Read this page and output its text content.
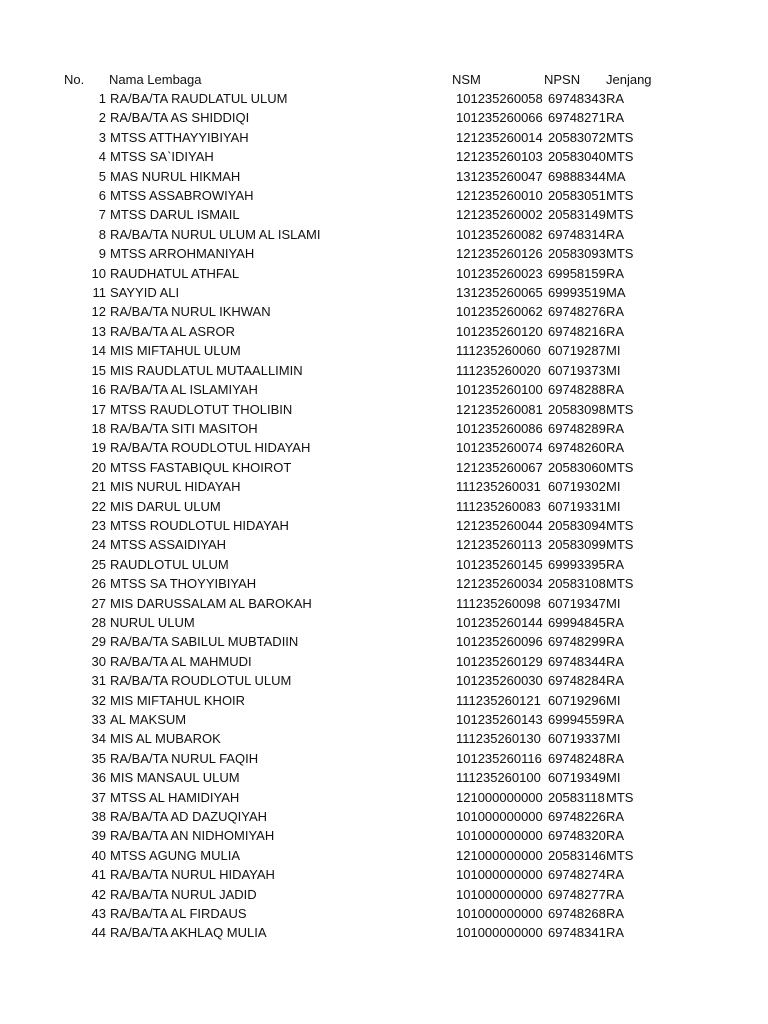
No. Nama Lembaga	NSM	NPSN Jenjang
1 RA/BA/TA RAUDLATUL ULUM	101235260058 69748343 RA
2 RA/BA/TA AS SHIDDIQI	101235260066 69748271 RA
3 MTSS ATTHAYYIBIYAH	121235260014 20583072 MTS
4 MTSS SA`IDIYAH	121235260103 20583040 MTS
5 MAS NURUL HIKMAH	131235260047 69888344 MA
6 MTSS ASSABROWIYAH	121235260010 20583051 MTS
7 MTSS DARUL ISMAIL	121235260002 20583149 MTS
8 RA/BA/TA NURUL ULUM AL ISLAMI	101235260082 69748314 RA
9 MTSS ARROHMANIYAH	121235260126 20583093 MTS
10 RAUDHATUL ATHFAL	101235260023 69958159 RA
11 SAYYID ALI	131235260065 69993519 MA
12 RA/BA/TA NURUL IKHWAN	101235260062 69748276 RA
13 RA/BA/TA AL ASROR	101235260120 69748216 RA
14 MIS MIFTAHUL ULUM	111235260060 60719287 MI
15 MIS RAUDLATUL MUTAALLIMIN	111235260020 60719373 MI
16 RA/BA/TA AL ISLAMIYAH	101235260100 69748288 RA
17 MTSS RAUDLOTUT THOLIBIN	121235260081 20583098 MTS
18 RA/BA/TA SITI MASITOH	101235260086 69748289 RA
19 RA/BA/TA ROUDLOTUL HIDAYAH	101235260074 69748260 RA
20 MTSS FASTABIQUL KHOIROT	121235260067 20583060 MTS
21 MIS NURUL HIDAYAH	111235260031 60719302 MI
22 MIS DARUL ULUM	111235260083 60719331 MI
23 MTSS ROUDLOTUL HIDAYAH	121235260044 20583094 MTS
24 MTSS ASSAIDIYAH	121235260113 20583099 MTS
25 RAUDLOTUL ULUM	101235260145 69993395 RA
26 MTSS SA THOYYIBIYAH	121235260034 20583108 MTS
27 MIS DARUSSALAM AL BAROKAH	111235260098 60719347 MI
28 NURUL ULUM	101235260144 69994845 RA
29 RA/BA/TA SABILUL MUBTADIIN	101235260096 69748299 RA
30 RA/BA/TA AL MAHMUDI	101235260129 69748344 RA
31 RA/BA/TA ROUDLOTUL ULUM	101235260030 69748284 RA
32 MIS MIFTAHUL KHOIR	111235260121 60719296 MI
33 AL MAKSUM	101235260143 69994559 RA
34 MIS AL MUBAROK	111235260130 60719337 MI
35 RA/BA/TA NURUL FAQIH	101235260116 69748248 RA
36 MIS MANSAUL ULUM	111235260100 60719349 MI
37 MTSS AL HAMIDIYAH	121000000000 20583118 MTS
38 RA/BA/TA AD DAZUQIYAH	101000000000 69748226 RA
39 RA/BA/TA AN NIDHOMIYAH	101000000000 69748320 RA
40 MTSS AGUNG MULIA	121000000000 20583146 MTS
41 RA/BA/TA NURUL HIDAYAH	101000000000 69748274 RA
42 RA/BA/TA NURUL JADID	101000000000 69748277 RA
43 RA/BA/TA AL FIRDAUS	101000000000 69748268 RA
44 RA/BA/TA AKHLAQ MULIA	101000000000 69748341 RA
